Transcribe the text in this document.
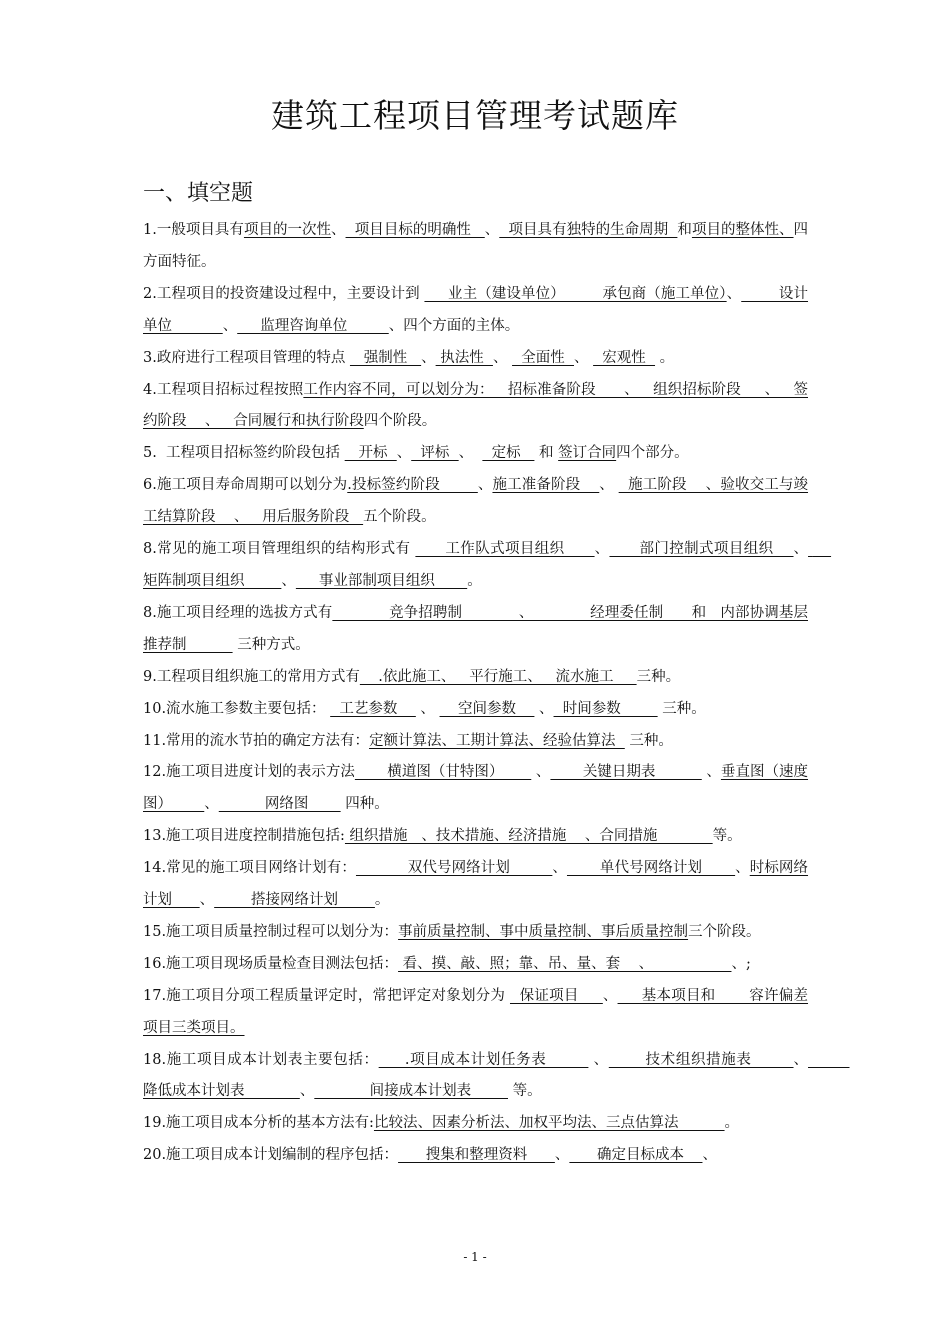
建筑工程项目管理考试题库
一、填空题

1.一般项目具有项目的一次性、  项目目标的明确性   、  项目具有独特的生命周期  和项目的整体性、四方面特征。

2.工程项目的投资建设过程中，主要设计到      业主（建设单位）        承包商（施工单位）、        设计单位           、     监理咨询单位         、四个方面的主体。

3.政府进行工程项目管理的特点    强制性   、 执法性  、   全面性  、   宏观性   。

4.工程项目招标过程按照工作内容不同，可以划分为：   招标准备阶段      、   组织招标阶段     、   签约阶段    、   合同履行和执行阶段四个阶段。

5.  工程项目招标签约阶段包括    开标  、  评标  、    定标    和 签订合同四个部分。

6.施工项目寿命周期可以划分为.投标签约阶段        、施工准备阶段    、   施工阶段    、验收交工与竣工结算阶段    、   用后服务阶段   五个阶段。

8.常见的施工项目管理组织的结构形式有       工作队式项目组织      、      部门控制式项目组织    、     矩阵制项目组织        、     事业部制项目组织       。

8.施工项目经理的选拔方式有            竞争招聘制            、            经理委任制      和   内部协调基层推荐制           三种方式。

9.工程项目组织施工的常用方式有    .依此施工、   平行施工、   流水施工     三种。

10.流水施工参数主要包括：   工艺参数     、     空间参数     、  时间参数         三种。

11.常用的流水节拍的确定方法有：定额计算法、工期计算法、经验估算法   三种。

12.施工项目进度计划的表示方法       横道图（甘特图）       、       关键日期表           、垂直图（速度图）       、          网络图        四种。

13.施工项目进度控制措施包括: 组织措施   、技术措施、经济措施    、合同措施            等。

14.常见的施工项目网络计划有：           双代号网络计划         、       单代号网络计划       、时标网络计划      、        搭接网络计划        。

15.施工项目质量控制过程可以划分为：事前质量控制、事中质量控制、事后质量控制三个阶段。

16.施工项目现场质量检查目测法包括： 看、摸、敲、照；靠、吊、量、套    、                 、;

17.施工项目分项工程质量评定时，常把评定对象划分为   保证项目     、     基本项目和       容许偏差项目三类项目。

18.施工项目成本计划表主要包括：     .项目成本计划任务表         、       技术组织措施表        、         降低成本计划表            、            间接成本计划表         等。

19.施工项目成本分析的基本方法有:比较法、因素分析法、加权平均法、三点估算法          。

20.施工项目成本计划编制的程序包括：      搜集和整理资料      、      确定目标成本    、

- 1 -
